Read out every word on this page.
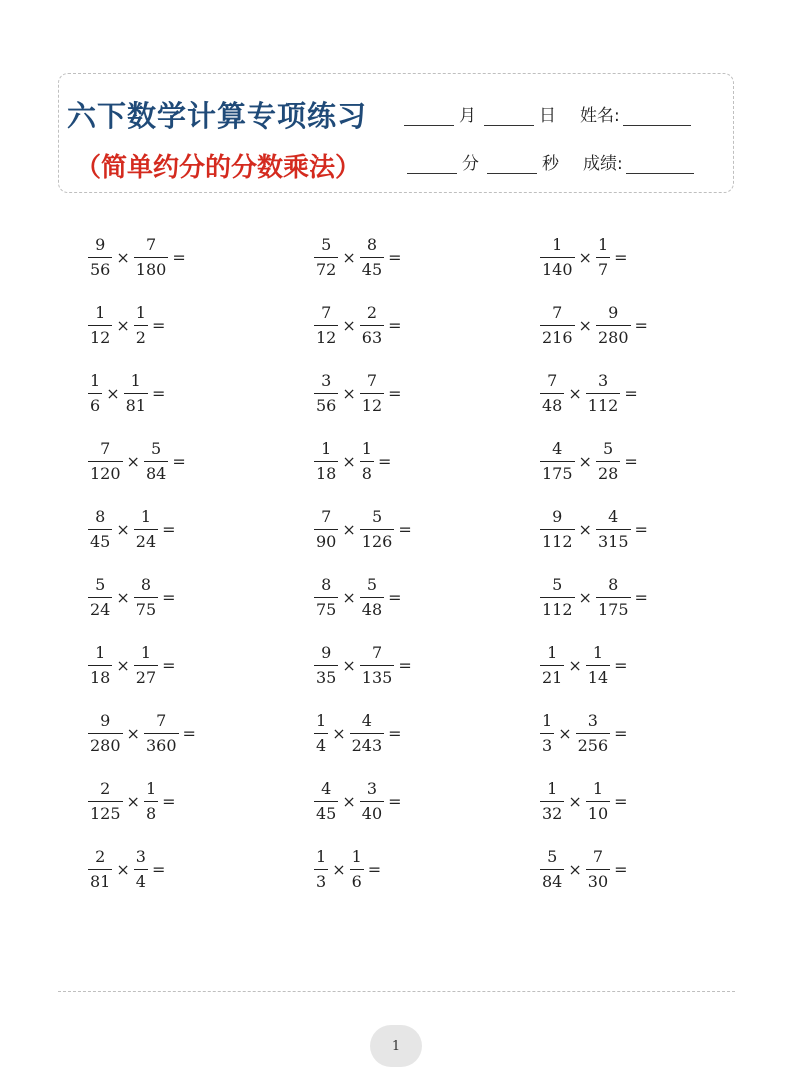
六下数学计算专项练习
（简单约分的分数乘法）
月	日 姓名:
分	秒 成绩:
$\frac{9}{56} \times \frac{7}{180}$ =	$\frac{5}{72} \times \frac{8}{45}$ =	$\frac{1}{140} \times \frac{1}{7}$ =
$\frac{1}{12} \times \frac{1}{2}$ =	$\frac{7}{12} \times \frac{2}{63}$ =	$\frac{7}{216} \times \frac{9}{280}$ =
$\frac{1}{6} \times \frac{1}{81}$ =	$\frac{3}{56} \times \frac{7}{12}$ =	$\frac{7}{48} \times \frac{3}{112}$ =
$\frac{7}{120} \times \frac{5}{84}$ =	$\frac{1}{18} \times \frac{1}{8}$ =	$\frac{4}{175} \times \frac{5}{28}$ =
$\frac{8}{45} \times \frac{1}{24}$ =	$\frac{7}{90} \times \frac{5}{126}$ =	$\frac{9}{112} \times \frac{4}{315}$ =
$\frac{5}{24} \times \frac{8}{75}$ =	$\frac{8}{75} \times \frac{5}{48}$ =	$\frac{5}{112} \times \frac{8}{175}$ =
$\frac{1}{18} \times \frac{1}{27}$ =	$\frac{9}{35} \times \frac{7}{135}$ =	$\frac{1}{21} \times \frac{1}{14}$ =
$\frac{9}{280} \times \frac{7}{360}$ =	$\frac{1}{4} \times \frac{4}{243}$ =	$\frac{1}{3} \times \frac{3}{256}$ =
$\frac{2}{125} \times \frac{1}{8}$ =	$\frac{4}{45} \times \frac{3}{40}$ =	$\frac{1}{32} \times \frac{1}{10}$ =
$\frac{2}{81} \times \frac{3}{4}$ =	$\frac{1}{3} \times \frac{1}{6}$ =	$\frac{5}{84} \times \frac{7}{30}$ =
1
